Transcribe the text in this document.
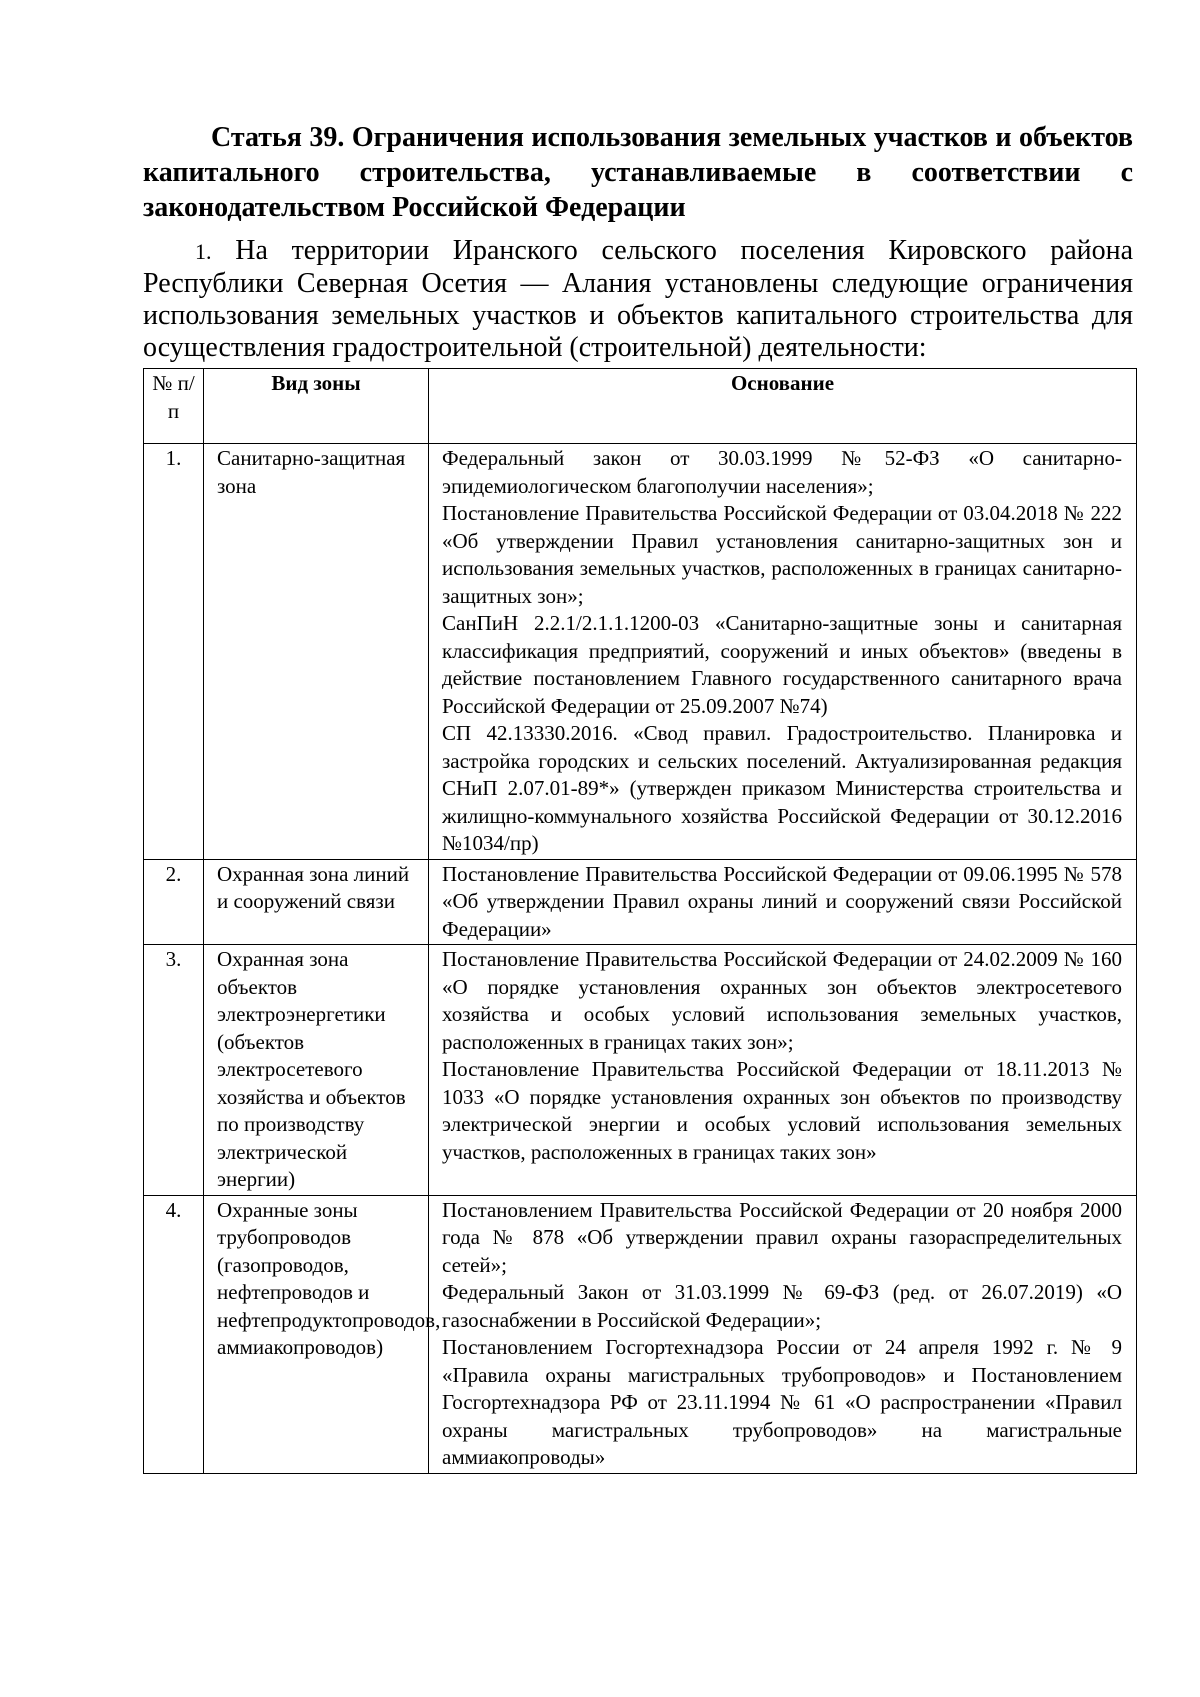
Статья 39. Ограничения использования земельных участков и объектов капитального строительства, устанавливаемые в соответствии с законодательством Российской Федерации

1. На территории Иранского сельского поселения Кировского района Республики Северная Осетия — Алания установлены следующие ограничения использования земельных участков и объектов капитального строительства для осуществления градостроительной (строительной) деятельности:

№ п/п	Вид зоны	Основание
1.	Санитарно-защитная зона	Федеральный закон от 30.03.1999 №52-ФЗ «О санитарно-эпидемиологическом благополучии населения»;
Постановление Правительства Российской Федерации от 03.04.2018 № 222 «Об утверждении Правил установления санитарно-защитных зон и использования земельных участков, расположенных в границах санитарно-защитных зон»;
СанПиН 2.2.1/2.1.1.1200-03 «Санитарно-защитные зоны и санитарная классификация предприятий, сооружений и иных объектов» (введены в действие постановлением Главного государственного санитарного врача Российской Федерации от 25.09.2007 №74)
СП 42.13330.2016. «Свод правил. Градостроительство. Планировка и застройка городских и сельских поселений. Актуализированная редакция СНиП 2.07.01-89*» (утвержден приказом Министерства строительства и жилищно-коммунального хозяйства Российской Федерации от 30.12.2016 №1034/пр)

2.	Охранная зона линий и сооружений связи	Постановление Правительства Российской Федерации от 09.06.1995 № 578 «Об утверждении Правил охраны линий и сооружений связи Российской Федерации»

3.	Охранная зона объектов электроэнергетики (объектов электросетевого хозяйства и объектов по производству электрической энергии)	Постановление Правительства Российской Федерации от 24.02.2009 № 160 «О порядке установления охранных зон объектов электросетевого хозяйства и особых условий использования земельных участков, расположенных в границах таких зон»;
Постановление Правительства Российской Федерации от 18.11.2013 № 1033 «О порядке установления охранных зон объектов по производству электрической энергии и особых условий использования земельных участков, расположенных в границах таких зон»

4.	Охранные зоны трубопроводов (газопроводов, нефтепроводов и нефтепродуктопроводов, аммиакопроводов)	Постановлением Правительства Российской Федерации от 20 ноября 2000 года № 878 «Об утверждении правил охраны газораспределительных сетей»;
Федеральный Закон от 31.03.1999 № 69-ФЗ (ред. от 26.07.2019) «О газоснабжении в Российской Федерации»;
Постановлением Госгортехнадзора России от 24 апреля 1992 г. № 9 «Правила охраны магистральных трубопроводов» и Постановлением Госгортехнадзора РФ от 23.11.1994 № 61 «О распространении «Правил охраны магистральных трубопроводов» на магистральные аммиакопроводы»
